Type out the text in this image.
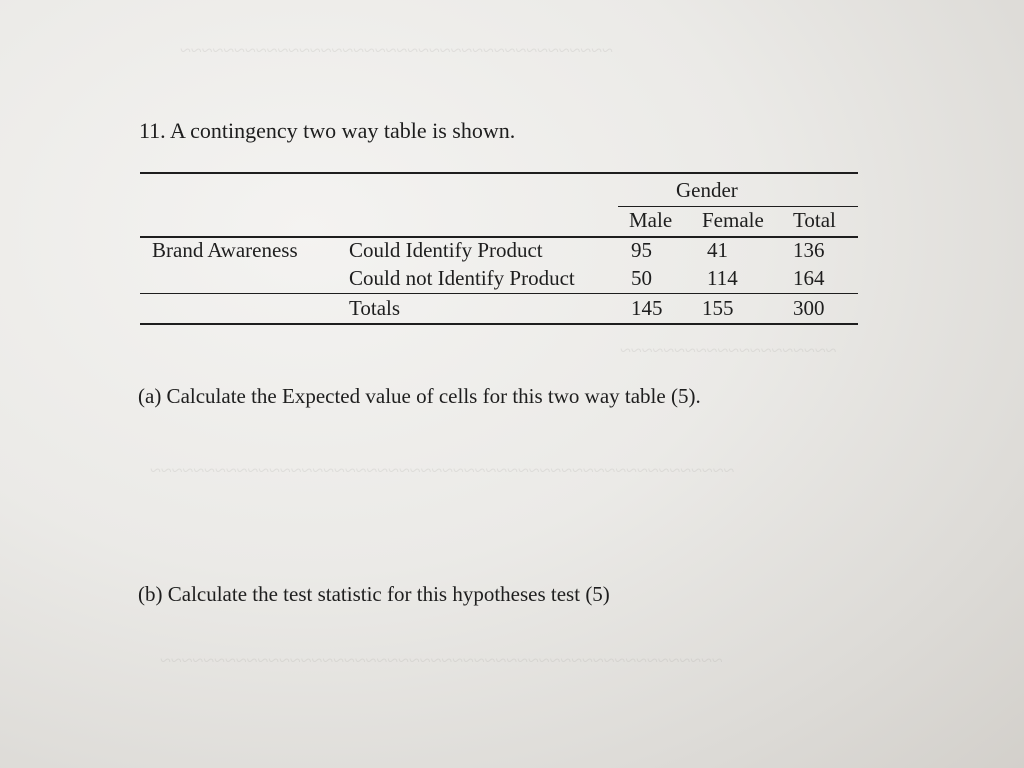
~~~~~~~~~~~~~~~~~~~~~~~~~~~~~~~~~~~~~~~~
~~~~~~~~~~~~~~~~~~~~
~~~~~~~~~~~~~~~~~~~~~~~~~~~~~~~~~~~~~~~~~~~~~~~~~~~~~~
~~~~~~~~~~~~~~~~~~~~~~~~~~~~~~~~~~~~~~~~~~~~~~~~~~~~
11. A contingency two way table is shown.
Gender
Male Female Total
Brand Awareness Could Identify Product	95	41	136
Could not Identify Product	50	114	164
Totals	145 155	300
(a) Calculate the Expected value of cells for this two way table (5).
(b) Calculate the test statistic for this hypotheses test (5)
